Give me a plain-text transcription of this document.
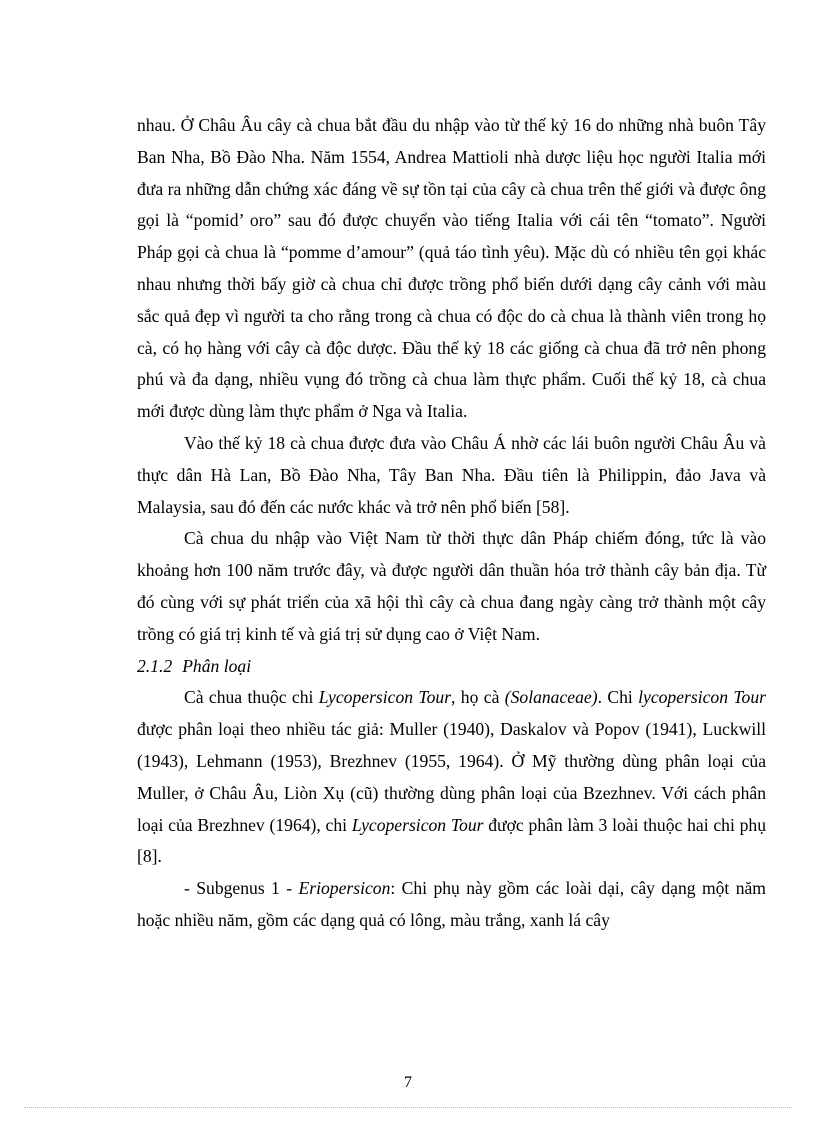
nhau. Ở Châu Âu cây cà chua bắt đầu du nhập vào từ thế kỷ 16 do những nhà buôn Tây Ban Nha, Bồ Đào Nha. Năm 1554, Andrea Mattioli nhà dược liệu học người Italia mới đưa ra những dẫn chứng xác đáng về sự tồn tại của cây cà chua trên thế giới và được ông gọi là “pomid’ oro” sau đó được chuyển vào tiếng Italia với cái tên “tomato”. Người Pháp gọi cà chua là “pomme d’amour” (quả táo tình yêu). Mặc dù có nhiều tên gọi khác nhau nhưng thời bấy giờ cà chua chỉ được trồng phổ biến dưới dạng cây cảnh với màu sắc quả đẹp vì người ta cho rằng trong cà chua có độc do cà chua là thành viên trong họ cà, có họ hàng với cây cà độc dược. Đầu thế kỷ 18 các giống cà chua đã trở nên phong phú và đa dạng, nhiều vụng đó trồng cà chua làm thực phẩm. Cuối thế kỷ 18, cà chua mới được dùng làm thực phẩm ở Nga và Italia.

Vào thế kỷ 18 cà chua được đưa vào Châu Á nhờ các lái buôn người Châu Âu và thực dân Hà Lan, Bồ Đào Nha, Tây Ban Nha. Đầu tiên là Philippin, đảo Java và Malaysia, sau đó đến các nước khác và trở nên phổ biến [58].

Cà chua du nhập vào Việt Nam từ thời thực dân Pháp chiếm đóng, tức là vào khoảng hơn 100 năm trước đây, và được người dân thuần hóa trở thành cây bản địa. Từ đó cùng với sự phát triển của xã hội thì cây cà chua đang ngày càng trở thành một cây trồng có giá trị kinh tế và giá trị sử dụng cao ở Việt Nam.

2.1.2 Phân loại

Cà chua thuộc chi Lycopersicon Tour, họ cà (Solanaceae). Chi lycopersicon Tour được phân loại theo nhiều tác giả: Muller (1940), Daskalov và Popov (1941), Luckwill (1943), Lehmann (1953), Brezhnev (1955, 1964). Ở Mỹ thường dùng phân loại của Muller, ở Châu Âu, Liòn Xụ (cũ) thường dùng phân loại của Bzezhnev. Với cách phân loại của Brezhnev (1964), chi Lycopersicon Tour được phân làm 3 loài thuộc hai chi phụ [8].

- Subgenus 1 - Eriopersicon: Chi phụ này gồm các loài dại, cây dạng một năm hoặc nhiều năm, gồm các dạng quả có lông, màu trắng, xanh lá cây

7
